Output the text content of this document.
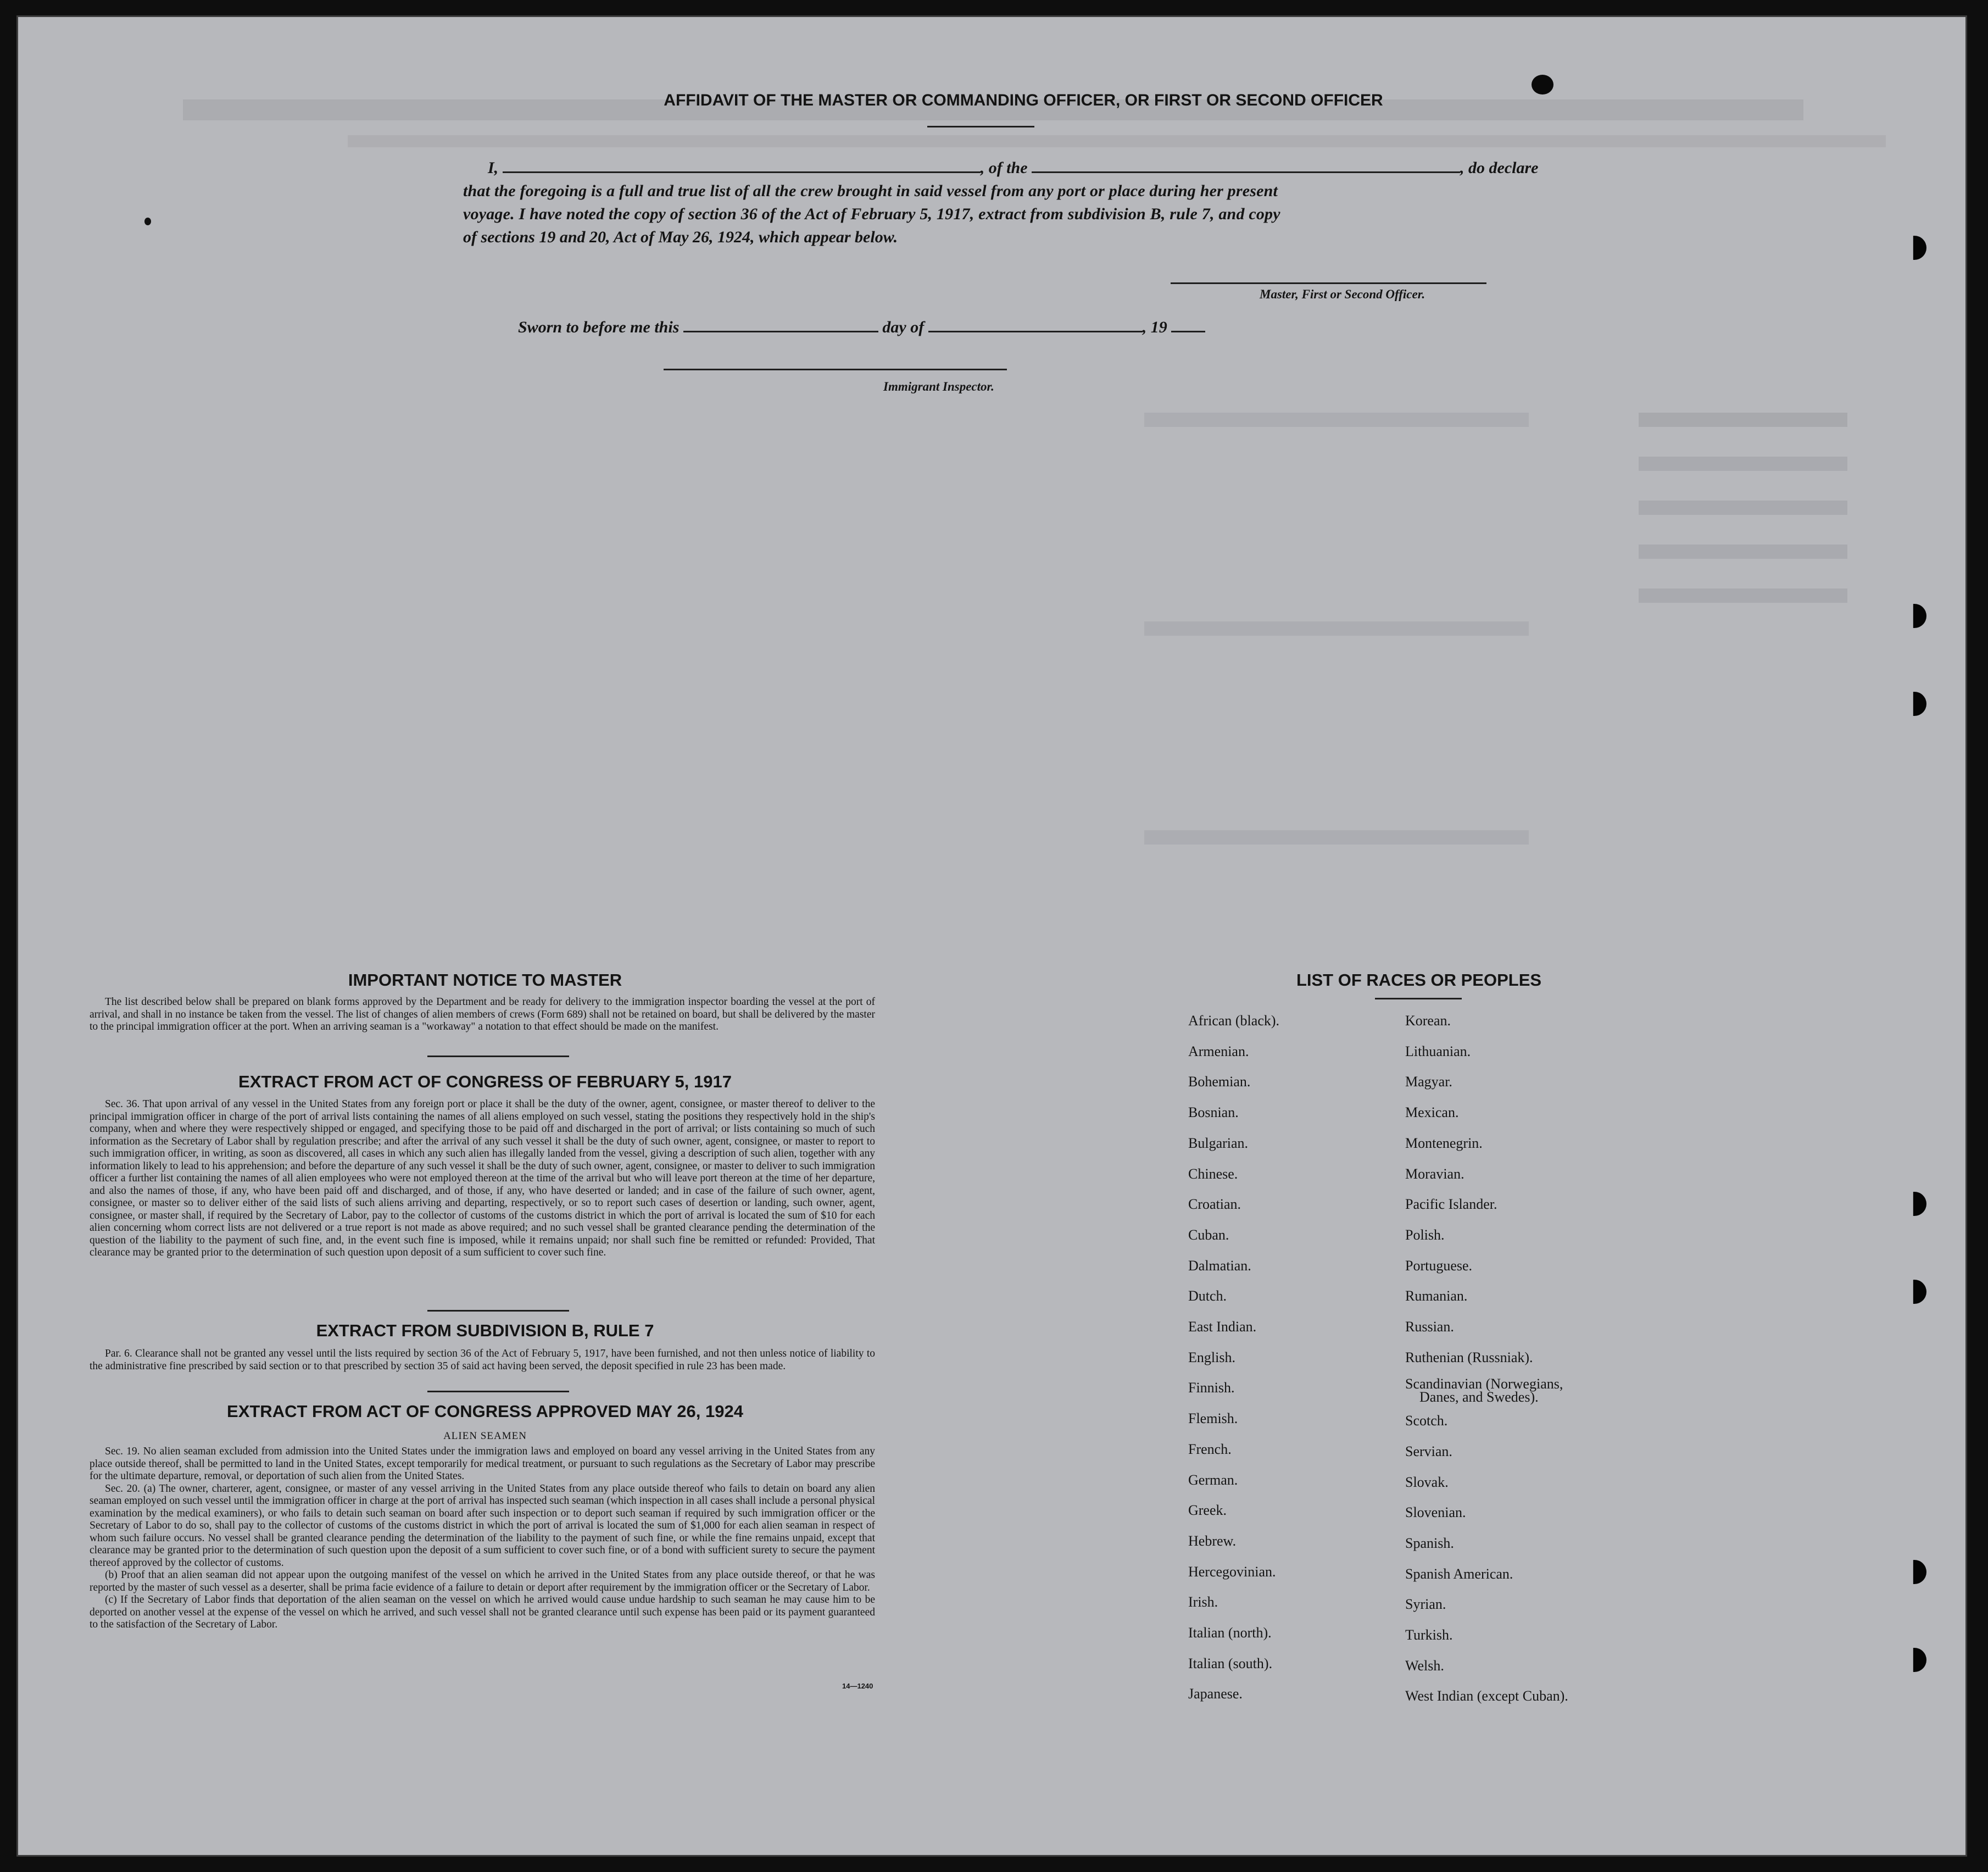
AFFIDAVIT OF THE MASTER OR COMMANDING OFFICER, OR FIRST OR SECOND OFFICER
I,	, of the	, do declare
that the foregoing is a full and true list of all the crew brought in said vessel from any port or place during her present
voyage. I have noted the copy of section 36 of the Act of February 5, 1917, extract from subdivision B, rule 7, and copy
of sections 19 and 20, Act of May 26, 1924, which appear below.
Master, First or Second Officer.
Sworn to before me this	day of	, 19
Immigrant Inspector.
IMPORTANT NOTICE TO MASTER

The list described below shall be prepared on blank forms approved by the Department and be ready for delivery to the immigration inspector boarding the vessel at the port of arrival, and shall in no instance be taken from the vessel. The list of changes of alien members of crews (Form 689) shall not be retained on board, but shall be delivered by the master to the principal immigration officer at the port. When an arriving seaman is a "workaway" a notation to that effect should be made on the manifest.

EXTRACT FROM ACT OF CONGRESS OF FEBRUARY 5, 1917

Sec. 36. That upon arrival of any vessel in the United States from any foreign port or place it shall be the duty of the owner, agent, consignee, or master thereof to deliver to the principal immigration officer in charge of the port of arrival lists containing the names of all aliens employed on such vessel, stating the positions they respectively hold in the ship's company, when and where they were respectively shipped or engaged, and specifying those to be paid off and discharged in the port of arrival; or lists containing so much of such information as the Secretary of Labor shall by regulation prescribe; and after the arrival of any such vessel it shall be the duty of such owner, agent, consignee, or master to report to such immigration officer, in writing, as soon as discovered, all cases in which any such alien has illegally landed from the vessel, giving a description of such alien, together with any information likely to lead to his apprehension; and before the departure of any such vessel it shall be the duty of such owner, agent, consignee, or master to deliver to such immigration officer a further list containing the names of all alien employees who were not employed thereon at the time of the arrival but who will leave port thereon at the time of her departure, and also the names of those, if any, who have been paid off and discharged, and of those, if any, who have deserted or landed; and in case of the failure of such owner, agent, consignee, or master so to deliver either of the said lists of such aliens arriving and departing, respectively, or so to report such cases of desertion or landing, such owner, agent, consignee, or master shall, if required by the Secretary of Labor, pay to the collector of customs of the customs district in which the port of arrival is located the sum of $10 for each alien concerning whom correct lists are not delivered or a true report is not made as above required; and no such vessel shall be granted clearance pending the determination of the question of the liability to the payment of such fine, and, in the event such fine is imposed, while it remains unpaid; nor shall such fine be remitted or refunded: Provided, That clearance may be granted prior to the determination of such question upon deposit of a sum sufficient to cover such fine.

EXTRACT FROM SUBDIVISION B, RULE 7

Par. 6. Clearance shall not be granted any vessel until the lists required by section 36 of the Act of February 5, 1917, have been furnished, and not then unless notice of liability to the administrative fine prescribed by said section or to that prescribed by section 35 of said act having been served, the deposit specified in rule 23 has been made.

EXTRACT FROM ACT OF CONGRESS APPROVED MAY 26, 1924
ALIEN SEAMEN

Sec. 19. No alien seaman excluded from admission into the United States under the immigration laws and employed on board any vessel arriving in the United States from any place outside thereof, shall be permitted to land in the United States, except temporarily for medical treatment, or pursuant to such regulations as the Secretary of Labor may prescribe for the ultimate departure, removal, or deportation of such alien from the United States.

Sec. 20. (a) The owner, charterer, agent, consignee, or master of any vessel arriving in the United States from any place outside thereof who fails to detain on board any alien seaman employed on such vessel until the immigration officer in charge at the port of arrival has inspected such seaman (which inspection in all cases shall include a personal physical examination by the medical examiners), or who fails to detain such seaman on board after such inspection or to deport such seaman if required by such immigration officer or the Secretary of Labor to do so, shall pay to the collector of customs of the customs district in which the port of arrival is located the sum of $1,000 for each alien seaman in respect of whom such failure occurs. No vessel shall be granted clearance pending the determination of the liability to the payment of such fine, or while the fine remains unpaid, except that clearance may be granted prior to the determination of such question upon the deposit of a sum sufficient to cover such fine, or of a bond with sufficient surety to secure the payment thereof approved by the collector of customs.

(b) Proof that an alien seaman did not appear upon the outgoing manifest of the vessel on which he arrived in the United States from any place outside thereof, or that he was reported by the master of such vessel as a deserter, shall be prima facie evidence of a failure to detain or deport after requirement by the immigration officer or the Secretary of Labor.

(c) If the Secretary of Labor finds that deportation of the alien seaman on the vessel on which he arrived would cause undue hardship to such seaman he may cause him to be deported on another vessel at the expense of the vessel on which he arrived, and such vessel shall not be granted clearance until such expense has been paid or its payment guaranteed to the satisfaction of the Secretary of Labor.

14—1240
LIST OF RACES OR PEOPLES
African (black).
Armenian.
Bohemian.
Bosnian.
Bulgarian.
Chinese.
Croatian.
Cuban.
Dalmatian.
Dutch.
East Indian.
English.
Finnish.
Flemish.
French.
German.
Greek.
Hebrew.
Hercegovinian.
Irish.
Italian (north).
Italian (south).
Japanese.
Korean.
Lithuanian.
Magyar.
Mexican.
Montenegrin.
Moravian.
Pacific Islander.
Polish.
Portuguese.
Rumanian.
Russian.
Ruthenian (Russniak).
Scandinavian (Norwegians,
Danes, and Swedes).
Scotch.
Servian.
Slovak.
Slovenian.
Spanish.
Spanish American.
Syrian.
Turkish.
Welsh.
West Indian (except Cuban).
